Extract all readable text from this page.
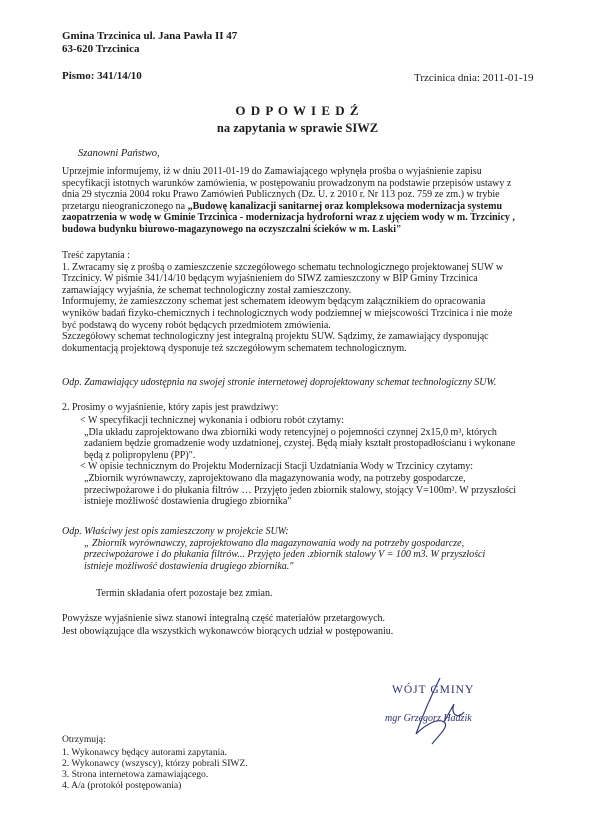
Gmina Trzcinica ul. Jana Pawła II 47
63-620 Trzcinica
Pismo: 341/14/10	Trzcinica dnia: 2011-01-19
O D P O W I E D Ź
na zapytania w sprawie SIWZ
Szanowni Państwo,
Uprzejmie informujemy, iż w dniu 2011-01-19 do Zamawiającego wpłynęła prośba o wyjaśnienie zapisu
specyfikacji istotnych warunków zamówienia, w postępowaniu prowadzonym na podstawie przepisów ustawy z
dnia 29 stycznia 2004 roku Prawo Zamówień Publicznych (Dz. U. z 2010 r. Nr 113 poz. 759 ze zm.) w trybie
przetargu nieograniczonego na „Budowę kanalizacji sanitarnej oraz kompleksowa modernizacja systemu
zaopatrzenia w wodę w Gminie Trzcinica - modernizacja hydroforni wraz z ujęciem wody w m. Trzcinicy ,
budowa budynku biurowo-magazynowego na oczyszczalni ścieków w m. Laski"
Treść zapytania :
1. Zwracamy się z prośbą o zamieszczenie szczegółowego schematu technologicznego projektowanej SUW w
Trzcinicy. W piśmie 341/14/10 będącym wyjaśnieniem do SIWZ zamieszczony w BIP Gminy Trzcinica
zamawiający wyjaśnia, że schemat technologiczny został zamieszczony.
Informujemy, że zamieszczony schemat jest schematem ideowym będącym załącznikiem do opracowania
wyników badań fizyko-chemicznych i technologicznych wody podziemnej w miejscowości Trzcinica i nie może
być podstawą do wyceny robót będących przedmiotem zmówienia.
Szczegółowy schemat technologiczny jest integralną projektu SUW. Sądzimy, że zamawiający dysponując
dokumentacją projektową dysponuje też szczegółowym schematem technologicznym.
Odp. Zamawiający udostępnia na swojej stronie internetowej doprojektowany schemat technologiczny SUW.
2. Prosimy o wyjaśnienie, który zapis jest prawdziwy:
< W specyfikacji technicznej wykonania i odbioru robót czytamy:
„Dla układu zaprojektowano dwa zbiorniki wody retencyjnej o pojemności czynnej 2x15,0 m³, których
zadaniem będzie gromadzenie wody uzdatnionej, czystej. Będą miały kształt prostopadłościanu i wykonane
będą z polipropylenu (PP)".
< W opisie technicznym do Projektu Modernizacji Stacji Uzdatniania Wody w Trzcinicy czytamy:
„Zbiornik wyrównawczy, zaprojektowano dla magazynowania wody, na potrzeby gospodarcze,
przeciwpożarowe i do płukania filtrów … Przyjęto jeden zbiornik stalowy, stojący V=100m³. W przyszłości
istnieje możliwość dostawienia drugiego zbiornika"
Odp. Właściwy jest opis zamieszczony w projekcie SUW:
„ Zbiornik wyrównawczy, zaprojektowano dla magazynowania wody na potrzeby gospodarcze,
przeciwpożarowe i do płukania filtrów... Przyjęto jeden .zbiornik stalowy V = 100 m3. W przyszłości
istnieje możliwość dostawienia drugiego zbiornika."
Termin składania ofert pozostaje bez zmian.
Powyższe wyjaśnienie siwz stanowi integralną część materiałów przetargowych.
Jest obowiązujące dla wszystkich wykonawców biorących udział w postępowaniu.
WÓJT GMINY
mgr Grzegorz Hadzik
Otrzymują:
1. Wykonawcy będący autorami zapytania.
2. Wykonawcy (wszyscy), którzy pobrali SIWZ.
3. Strona internetowa zamawiającego.
4. A/a (protokół postępowania)
